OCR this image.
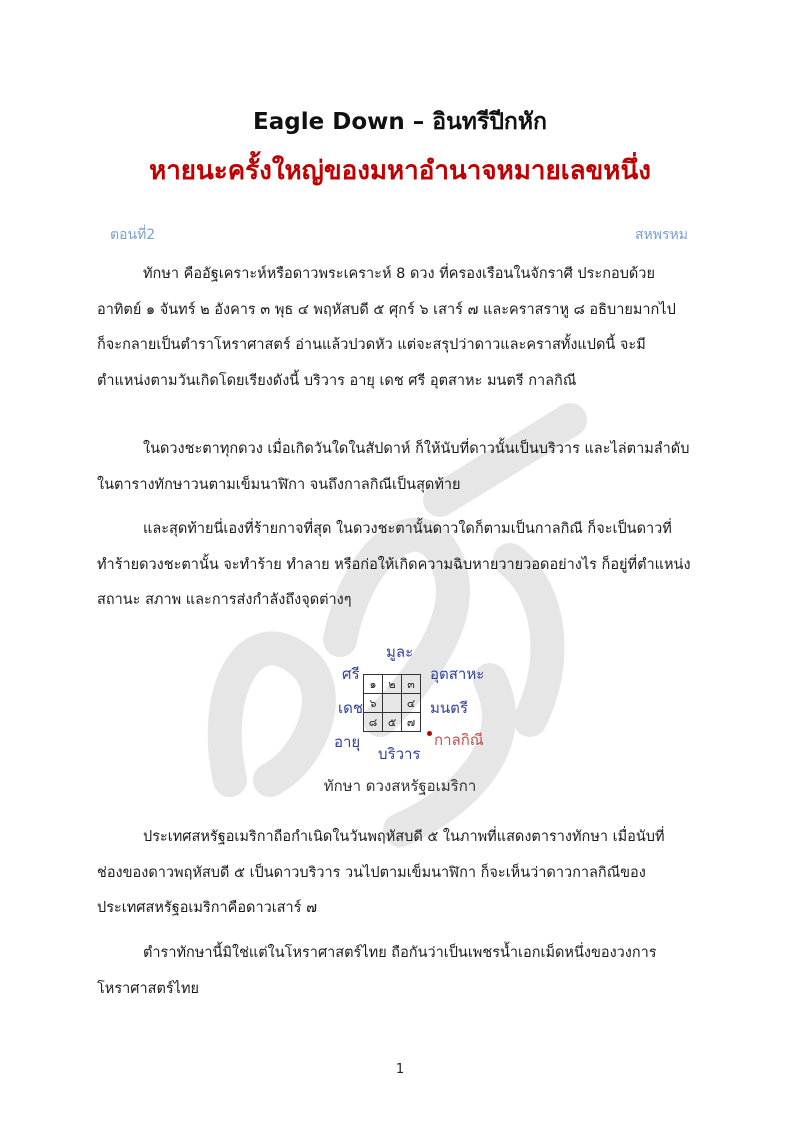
Eagle Down – อินทรีปีกหัก
หายนะครั้งใหญ่ของมหาอำนาจหมายเลขหนึ่ง
ตอนที่2	สหพรหม
ทักษา คืออัฐเคราะห์หรือดาวพระเคราะห์ 8 ดวง ที่ครองเรือนในจักราศี ประกอบด้วย
อาทิตย์ ๑ จันทร์ ๒ อังคาร ๓ พุธ ๔ พฤหัสบดี ๕ ศุกร์ ๖ เสาร์ ๗ และคราสราหู ๘ อธิบายมากไป
ก็จะกลายเป็นตำราโหราศาสตร์ อ่านแล้วปวดหัว แต่จะสรุปว่าดาวและคราสทั้งแปดนี้ จะมี
ตำแหน่งตามวันเกิดโดยเรียงดังนี้ บริวาร อายุ เดช ศรี อุตสาหะ มนตรี กาลกิณี
ในดวงชะตาทุกดวง เมื่อเกิดวันใดในสัปดาห์ ก็ให้นับที่ดาวนั้นเป็นบริวาร และไล่ตามลำดับ
ในตารางทักษาวนตามเข็มนาฬิกา จนถึงกาลกิณีเป็นสุดท้าย
และสุดท้ายนี่เองที่ร้ายกาจที่สุด ในดวงชะตานั้นดาวใดก็ตามเป็นกาลกิณี ก็จะเป็นดาวที่
ทำร้ายดวงชะตานั้น จะทำร้าย ทำลาย หรือก่อให้เกิดความฉิบหายวายวอดอย่างไร ก็อยู่ที่ตำแหน่ง
สถานะ สภาพ และการส่งกำลังถึงจุดต่างๆ
มูละ
ศรี	อุตสาหะ
เดช	มนตรี
อายุ
บริวาร
กาลกิณี
๑	๒	๓
๖		๔
๘	๕	๗
ทักษา ดวงสหรัฐอเมริกา
ประเทศสหรัฐอเมริกาถือกำเนิดในวันพฤหัสบดี ๕ ในภาพที่แสดงตารางทักษา เมื่อนับที่
ช่องของดาวพฤหัสบดี ๕ เป็นดาวบริวาร วนไปตามเข็มนาฬิกา ก็จะเห็นว่าดาวกาลกิณีของ
ประเทศสหรัฐอเมริกาคือดาวเสาร์ ๗
ตำราทักษานี้มิใช่แต่ในโหราศาสตร์ไทย ถือกันว่าเป็นเพชรน้ำเอกเม็ดหนึ่งของวงการ
โหราศาสตร์ไทย
1
